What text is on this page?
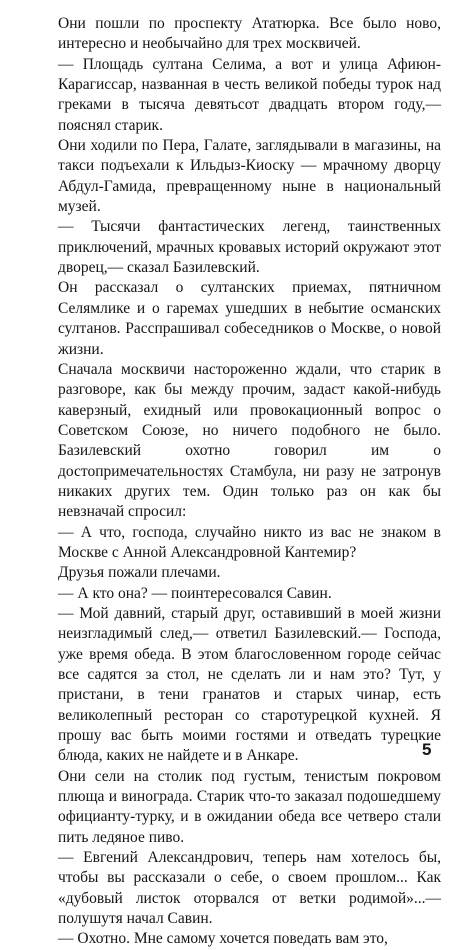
Они пошли по проспекту Ататюрка. Все было ново, интересно и необычайно для трех москвичей.

— Площадь султана Селима, а вот и улица Афиюн-Карагиссар, названная в честь великой победы турок над греками в тысяча девятьсот двадцать втором году,— пояснял старик.

Они ходили по Пера, Галате, заглядывали в магазины, на такси подъехали к Ильдыз-Киоску — мрачному дворцу Абдул-Гамида, превращенному ныне в национальный музей.

— Тысячи фантастических легенд, таинственных приключений, мрачных кровавых историй окружают этот дворец,— сказал Базилевский.

Он рассказал о султанских приемах, пятничном Селямлике и о гаремах ушедших в небытие османских султанов. Расспрашивал собеседников о Москве, о новой жизни.

Сначала москвичи настороженно ждали, что старик в разговоре, как бы между прочим, задаст какой-нибудь каверзный, ехидный или провокационный вопрос о Советском Союзе, но ничего подобного не было. Базилевский охотно говорил им о достопримечательностях Стамбула, ни разу не затронув никаких других тем. Один только раз он как бы невзначай спросил:

— А что, господа, случайно никто из вас не знаком в Москве с Анной Александровной Кантемир?

Друзья пожали плечами.

— А кто она? — поинтересовался Савин.

— Мой давний, старый друг, оставивший в моей жизни неизгладимый след,— ответил Базилевский.— Господа, уже время обеда. В этом благословенном городе сейчас все садятся за стол, не сделать ли и нам это? Тут, у пристани, в тени гранатов и старых чинар, есть великолепный ресторан со старотурецкой кухней. Я прошу вас быть моими гостями и отведать турецкие блюда, каких не найдете и в Анкаре.

Они сели на столик под густым, тенистым покровом плюща и винограда. Старик что-то заказал подошедшему официанту-турку, и в ожидании обеда все четверо стали пить ледяное пиво.

— Евгений Александрович, теперь нам хотелось бы, чтобы вы рассказали о себе, о своем прошлом... Как «дубовый листок оторвался от ветки родимой»...— полушутя начал Савин.

— Охотно. Мне самому хочется поведать вам это,

5
